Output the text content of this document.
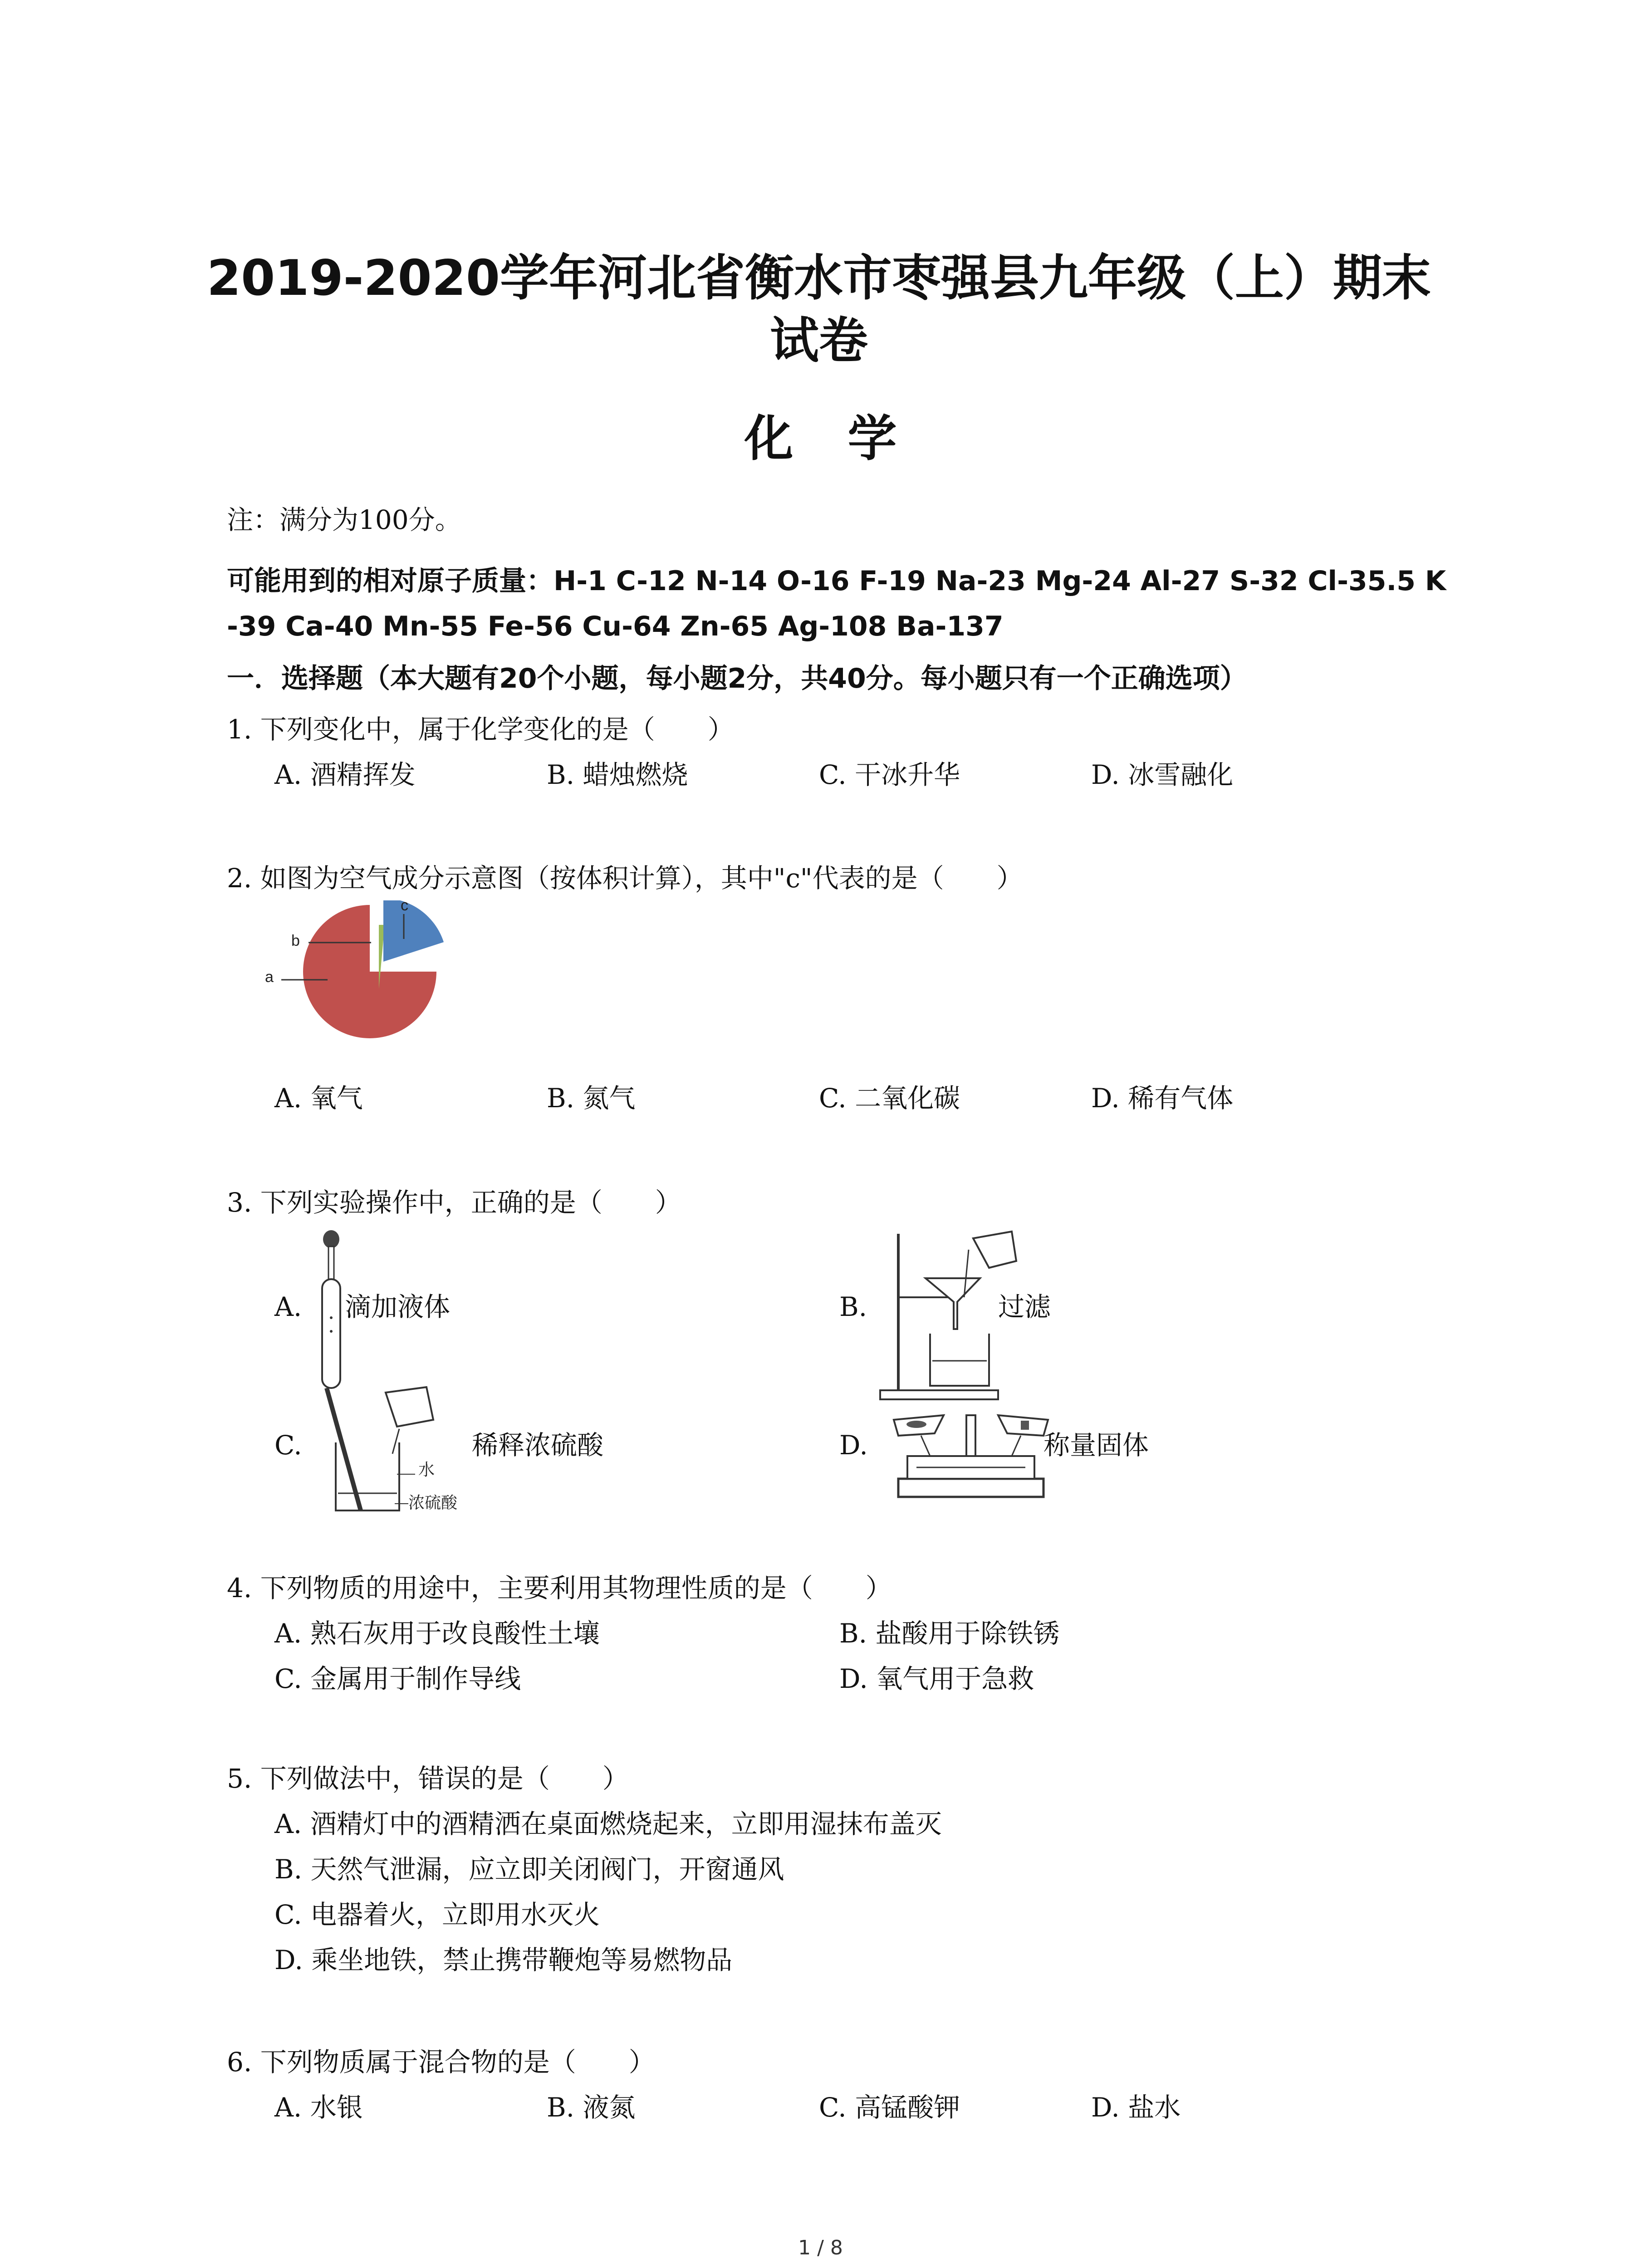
2019-2020学年河北省衡水市枣强县九年级（上）期末
试卷
化学
注：满分为100分。
可能用到的相对原子质量：H-1 C-12 N-14 O-16 F-19 Na-23 Mg-24 Al-27 S-32 Cl-35.5 K
-39 Ca-40 Mn-55 Fe-56 Cu-64 Zn-65 Ag-108 Ba-137
一．选择题（本大题有20个小题，每小题2分，共40分。每小题只有一个正确选项）
1. 下列变化中，属于化学变化的是（　　）
A. 酒精挥发	B. 蜡烛燃烧	C. 干冰升华	D. 冰雪融化
2. 如图为空气成分示意图（按体积计算），其中"c"代表的是（　　）
c
b
a
A. 氧气	B. 氮气	C. 二氧化碳	D. 稀有气体
3. 下列实验操作中，正确的是（　　）
A. 滴加液体	B.	过滤
C.
水
浓硫酸
稀释浓硫酸	D.	称量固体
4. 下列物质的用途中，主要利用其物理性质的是（　　）
A. 熟石灰用于改良酸性土壤	B. 盐酸用于除铁锈
C. 金属用于制作导线	D. 氧气用于急救
5. 下列做法中，错误的是（　　）
A. 酒精灯中的酒精洒在桌面燃烧起来，立即用湿抹布盖灭
B. 天然气泄漏，应立即关闭阀门，开窗通风
C. 电器着火，立即用水灭火
D. 乘坐地铁，禁止携带鞭炮等易燃物品
6. 下列物质属于混合物的是（　　）
A. 水银	B. 液氮	C. 高锰酸钾	D. 盐水
1 / 8
